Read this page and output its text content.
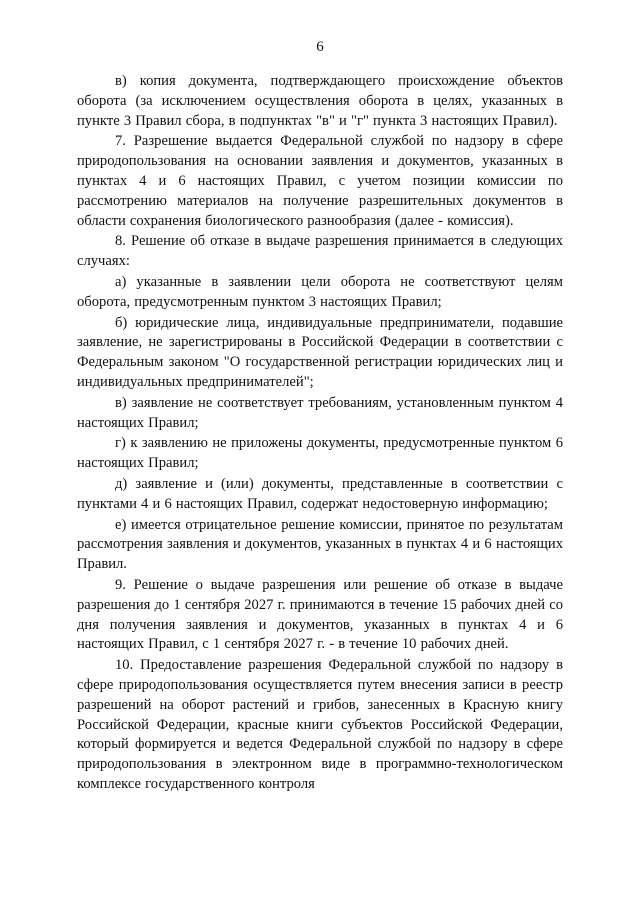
6

в) копия документа, подтверждающего происхождение объектов оборота (за исключением осуществления оборота в целях, указанных в пункте 3 Правил сбора, в подпунктах "в" и "г" пункта 3 настоящих Правил).

7. Разрешение выдается Федеральной службой по надзору в сфере природопользования на основании заявления и документов, указанных в пунктах 4 и 6 настоящих Правил, с учетом позиции комиссии по рассмотрению материалов на получение разрешительных документов в области сохранения биологического разнообразия (далее - комиссия).

8. Решение об отказе в выдаче разрешения принимается в следующих случаях:

а) указанные в заявлении цели оборота не соответствуют целям оборота, предусмотренным пунктом 3 настоящих Правил;

б) юридические лица, индивидуальные предприниматели, подавшие заявление, не зарегистрированы в Российской Федерации в соответствии с Федеральным законом "О государственной регистрации юридических лиц и индивидуальных предпринимателей";

в) заявление не соответствует требованиям, установленным пунктом 4 настоящих Правил;

г) к заявлению не приложены документы, предусмотренные пунктом 6 настоящих Правил;

д) заявление и (или) документы, представленные в соответствии с пунктами 4 и 6 настоящих Правил, содержат недостоверную информацию;

е) имеется отрицательное решение комиссии, принятое по результатам рассмотрения заявления и документов, указанных в пунктах 4 и 6 настоящих Правил.

9. Решение о выдаче разрешения или решение об отказе в выдаче разрешения до 1 сентября 2027 г. принимаются в течение 15 рабочих дней со дня получения заявления и документов, указанных в пунктах 4 и 6 настоящих Правил, с 1 сентября 2027 г. - в течение 10 рабочих дней.

10. Предоставление разрешения Федеральной службой по надзору в сфере природопользования осуществляется путем внесения записи в реестр разрешений на оборот растений и грибов, занесенных в Красную книгу Российской Федерации, красные книги субъектов Российской Федерации, который формируется и ведется Федеральной службой по надзору в сфере природопользования в электронном виде в программно-технологическом комплексе государственного контроля
